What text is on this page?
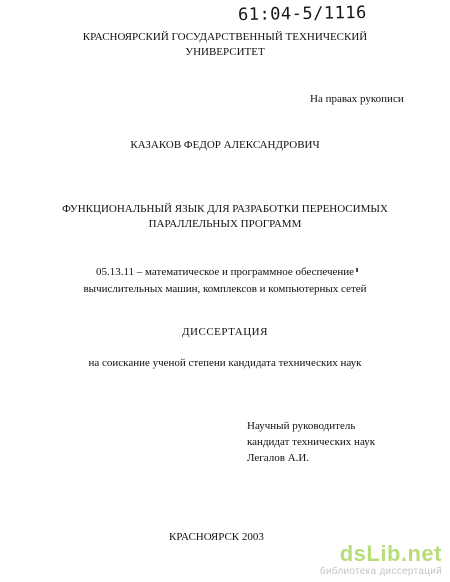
61:04-5/1116
КРАСНОЯРСКИЙ ГОСУДАРСТВЕННЫЙ ТЕХНИЧЕСКИЙ
УНИВЕРСИТЕТ
На правах рукописи
КАЗАКОВ ФЕДОР АЛЕКСАНДРОВИЧ
ФУНКЦИОНАЛЬНЫЙ ЯЗЫК ДЛЯ РАЗРАБОТКИ ПЕРЕНОСИМЫХ
ПАРАЛЛЕЛЬНЫХ ПРОГРАММ
05.13.11 – математическое и программное обеспечение
вычислительных машин, комплексов и компьютерных сетей
ДИССЕРТАЦИЯ
на соискание ученой степени кандидата технических наук
Научный руководитель
кандидат технических наук
Легалов А.И.
КРАСНОЯРСК 2003
dsLib.net
библиотека диссертаций
